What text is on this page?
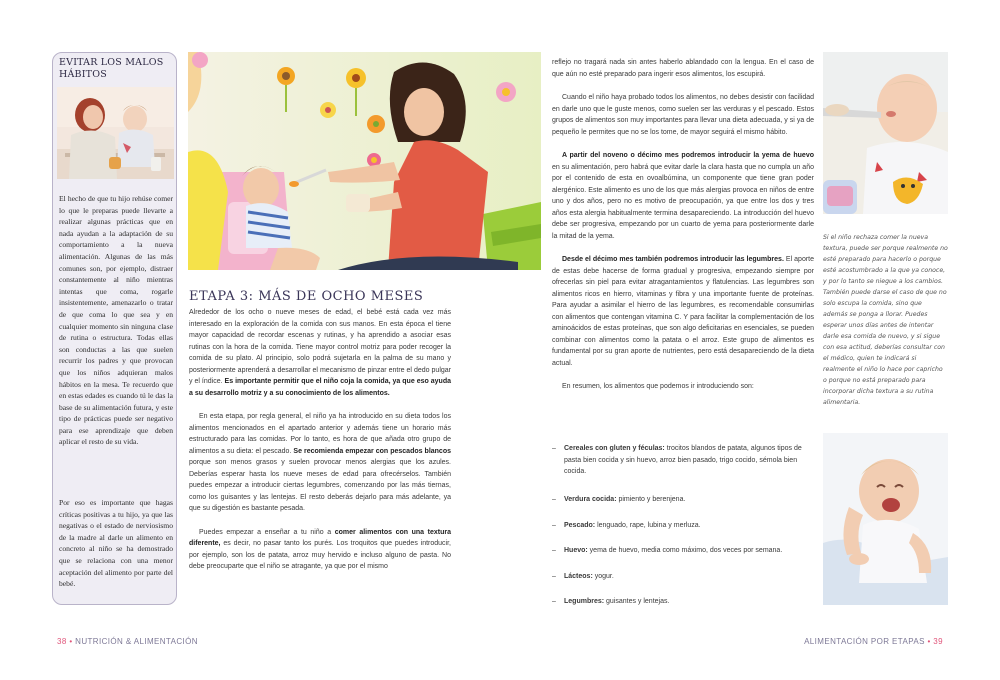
EVITAR LOS MALOS
HÁBITOS
El hecho de que tu hijo rehúse comer lo que le preparas puede llevarte a realizar algunas prácticas que en nada ayudan a la adaptación de su comportamiento a la nueva alimentación. Algunas de las más comunes son, por ejemplo, distraer constantemente al niño mientras intentas que coma, rogarle insistentemente, amenazarlo o tratar de que coma lo que sea y en cualquier momento sin ninguna clase de rutina o estructura. Todas ellas son conductas a las que suelen recurrir los padres y que provocan que los niños adquieran malos hábitos en la mesa. Te recuerdo que en estas edades es cuando tú le das la base de su alimentación futura, y este tipo de prácticas puede ser negativo para ese aprendizaje que deben aplicar el resto de su vida.
Por eso es importante que hagas críticas positivas a tu hijo, ya que las negativas o el estado de nerviosismo de la madre al darle un alimento en concreto al niño se ha demostrado que se relaciona con una menor aceptación del alimento por parte del bebé.
ETAPA 3: MÁS DE OCHO MESES

Alrededor de los ocho o nueve meses de edad, el bebé está cada vez más interesado en la exploración de la comida con sus manos. En esta época el tiene mayor capacidad de recordar escenas y rutinas, y ha aprendido a asociar esas rutinas con la hora de la comida. Tiene mayor control motriz para poder recoger la comida de su plato. Al principio, solo podrá sujetarla en la palma de su mano y posteriormente aprenderá a desarrollar el mecanismo de pinzar entre el dedo pulgar y el índice. Es importante permitir que el niño coja la comida, ya que eso ayuda a su desarrollo motriz y a su conocimiento de los alimentos.

En esta etapa, por regla general, el niño ya ha introducido en su dieta todos los alimentos mencionados en el apartado anterior y además tiene un horario más estructurado para las comidas. Por lo tanto, es hora de que añada otro grupo de alimentos a su dieta: el pescado. Se recomienda empezar con pescados blancos porque son menos grasos y suelen provocar menos alergias que los azules. Deberías esperar hasta los nueve meses de edad para ofrecérselos. También puedes empezar a introducir ciertas legumbres, comenzando por las más tiernas, como los guisantes y las lentejas. El resto deberás dejarlo para más adelante, ya que su digestión es bastante pesada.

Puedes empezar a enseñar a tu niño a comer alimentos con una textura diferente, es decir, no pasar tanto los purés. Los troquitos que puedes introducir, por ejemplo, son los de patata, arroz muy hervido e incluso alguno de pasta. No debe preocuparte que el niño se atragante, ya que por el mismo

reflejo no tragará nada sin antes haberlo ablandado con la lengua. En el caso de que aún no esté preparado para ingerir esos alimentos, los escupirá.

Cuando el niño haya probado todos los alimentos, no debes desistir con facilidad en darle uno que le guste menos, como suelen ser las verduras y el pescado. Estos grupos de alimentos son muy importantes para llevar una dieta adecuada, y si ya de pequeño le permites que no se los tome, de mayor seguirá el mismo hábito.

A partir del noveno o décimo mes podremos introducir la yema de huevo en su alimentación, pero habrá que evitar darle la clara hasta que no cumpla un año por el contenido de esta en ovoalbúmina, un componente que tiene gran poder alergénico. Este alimento es uno de los que más alergias provoca en niños de entre uno y dos años, pero no es motivo de preocupación, ya que entre los dos y tres años esta alergia habitualmente termina desapareciendo. La introducción del huevo debe ser progresiva, empezando por un cuarto de yema para posteriormente darle la mitad de la yema.

Desde el décimo mes también podremos introducir las legumbres. El aporte de estas debe hacerse de forma gradual y progresiva, empezando siempre por ofrecerlas sin piel para evitar atragantamientos y flatulencias. Las legumbres son alimentos ricos en hierro, vitaminas y fibra y una importante fuente de proteínas. Para ayudar a asimilar el hierro de las legumbres, es recomendable consumirlas con alimentos que contengan vitamina C. Y para facilitar la complementación de los aminoácidos de estas proteínas, que son algo deficitarias en esenciales, se pueden combinar con alimentos como la patata o el arroz. Este grupo de alimentos es fundamental por su gran aporte de nutrientes, pero está desapareciendo de la dieta actual.

En resumen, los alimentos que podemos ir introduciendo son:

– Cereales con gluten y féculas: trocitos blandos de patata, algunos tipos de pasta bien cocida y sin huevo, arroz bien pasado, trigo cocido, sémola bien cocida.
– Verdura cocida: pimiento y berenjena.
– Pescado: lenguado, rape, lubina y merluza.
– Huevo: yema de huevo, media como máximo, dos veces por semana.
– Lácteos: yogur.
– Legumbres: guisantes y lentejas.
Si el niño rechaza comer la nueva textura, puede ser porque realmente no esté preparado para hacerlo o porque esté acostumbrado a la que ya conoce, y por lo tanto se niegue a los cambios. También puede darse el caso de que no solo escupa la comida, sino que además se ponga a llorar. Puedes esperar unos días antes de intentar darle esa comida de nuevo, y si sigue con esa actitud, deberías consultar con el médico, quien te indicará si realmente el niño lo hace por capricho o porque no está preparado para incorporar dicha textura a su rutina alimentaria.
38 • NUTRICIÓN & ALIMENTACIÓN	ALIMENTACIÓN POR ETAPAS • 39
